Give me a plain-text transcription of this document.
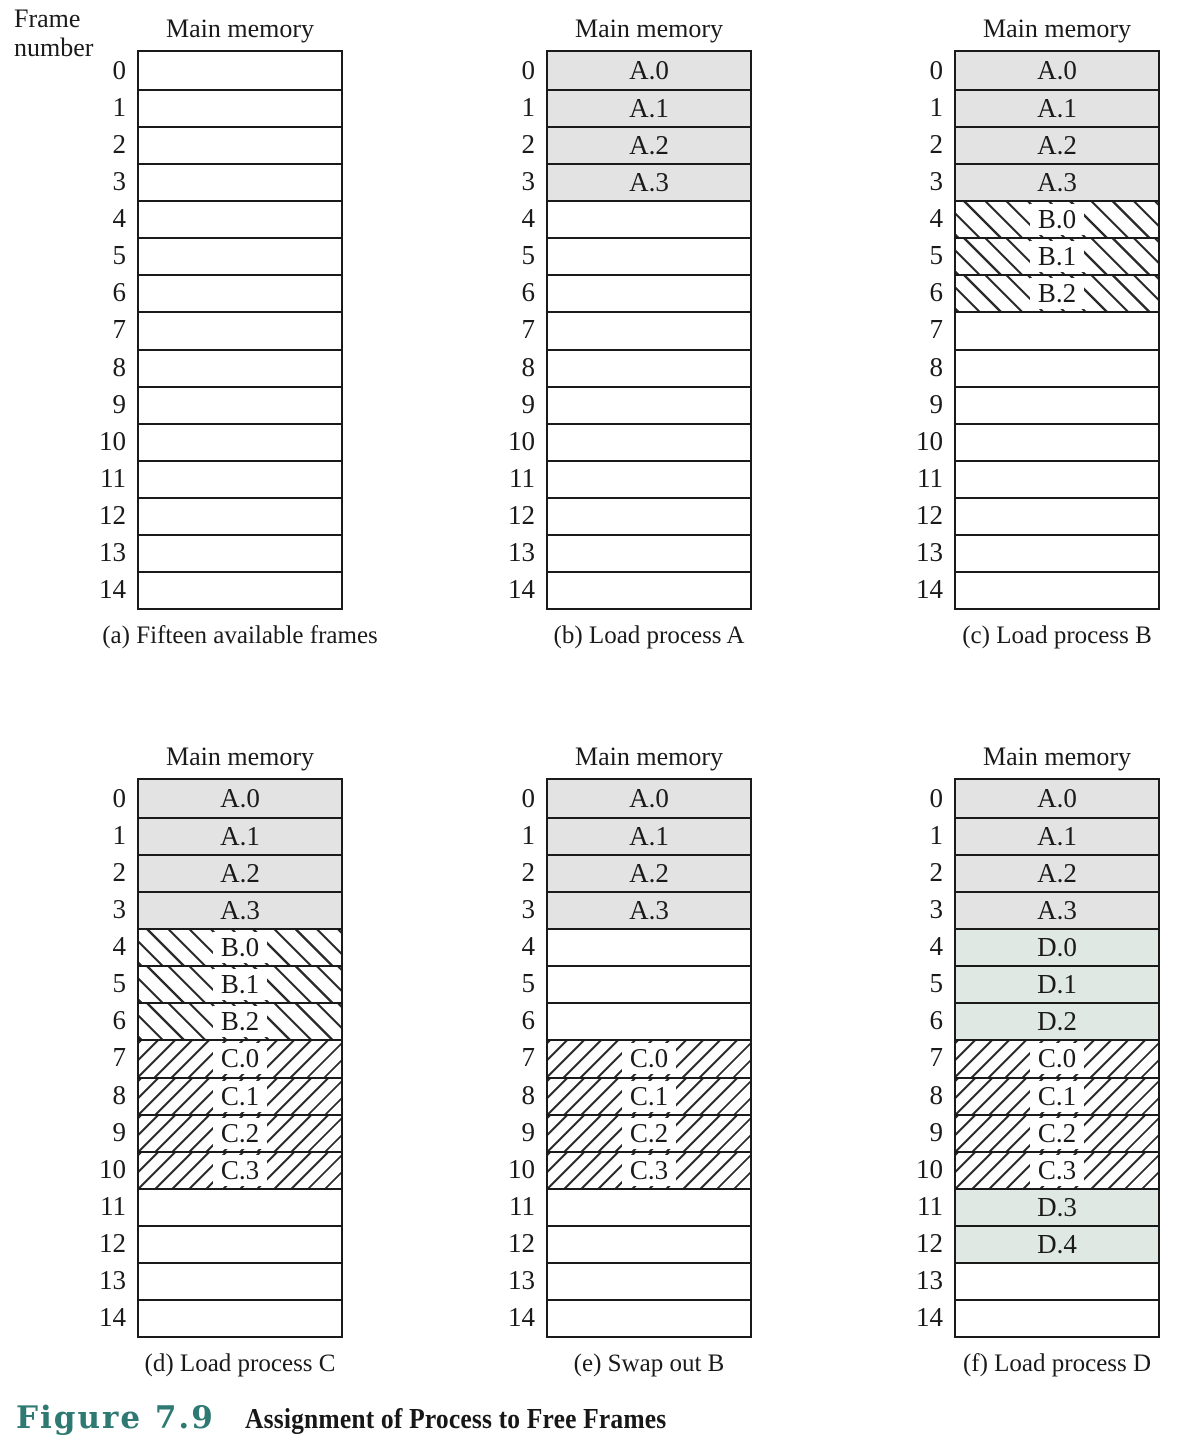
Frame
number
Main memory
0
1
2
3
4
5
6
7
8
9
10
11
12
13
14
(a) Fifteen available frames
Main memory
0
1
2
3
4
5
6
7
8
9
10
11
12
13
14
A.0
A.1
A.2
A.3
(b) Load process A
Main memory
0
1
2
3
4
5
6
7
8
9
10
11
12
13
14
A.0
A.1
A.2
A.3
B.0
B.1
B.2
(c) Load process B
Main memory
0
1
2
3
4
5
6
7
8
9
10
11
12
13
14
A.0
A.1
A.2
A.3
B.0
B.1
B.2
C.0
C.1
C.2
C.3
(d) Load process C
Main memory
0
1
2
3
4
5
6
7
8
9
10
11
12
13
14
A.0
A.1
A.2
A.3
C.0
C.1
C.2
C.3
(e) Swap out B
Main memory
0
1
2
3
4
5
6
7
8
9
10
11
12
13
14
A.0
A.1
A.2
A.3
D.0
D.1
D.2
C.0
C.1
C.2
C.3
D.3
D.4
(f) Load process D
Figure 7.9 Assignment of Process to Free Frames
